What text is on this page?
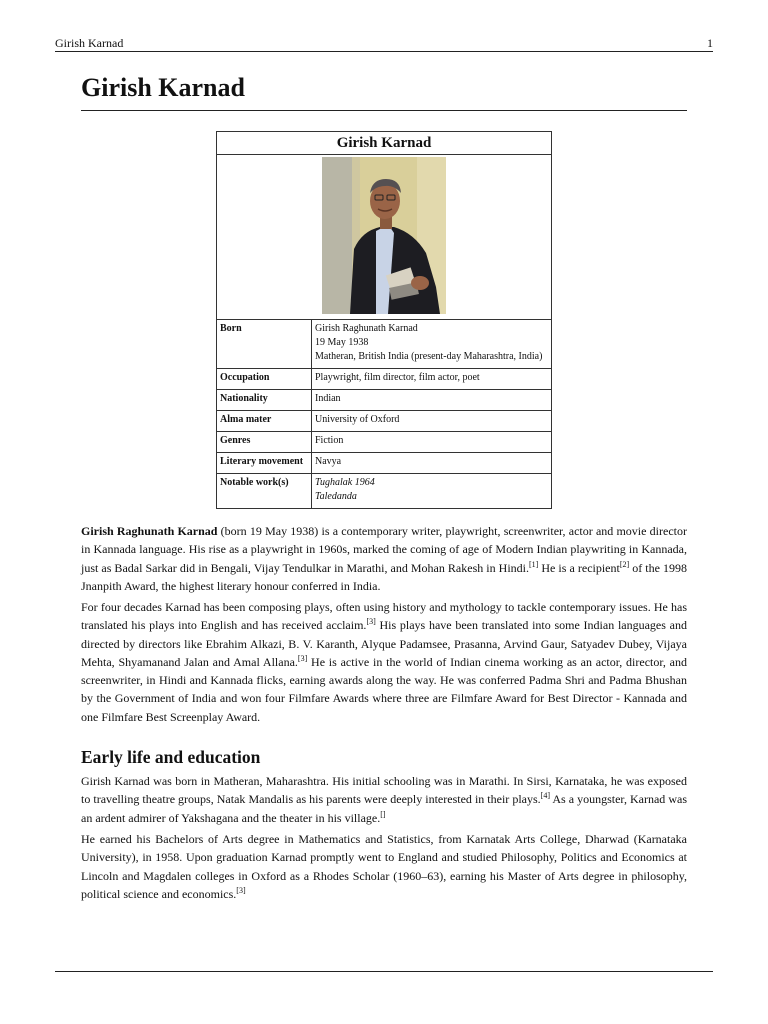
Girish Karnad	1
Girish Karnad
Girish Karnad	

Born	Girish Raghunath Karnad
19 May 1938
Matheran, British India (present-day Maharashtra, India)

Occupation	Playwright, film director, film actor, poet
Nationality	Indian
Alma mater	University of Oxford
Genres	Fiction
Literary movement	Navya
Notable work(s)	Tughalak 1964
Taledanda

Girish Raghunath Karnad (born 19 May 1938) is a contemporary writer, playwright, screenwriter, actor and movie director in Kannada language. His rise as a playwright in 1960s, marked the coming of age of Modern Indian playwriting in Kannada, just as Badal Sarkar did in Bengali, Vijay Tendulkar in Marathi, and Mohan Rakesh in Hindi.[1] He is a recipient[2] of the 1998 Jnanpith Award, the highest literary honour conferred in India.

For four decades Karnad has been composing plays, often using history and mythology to tackle contemporary issues. He has translated his plays into English and has received acclaim.[3] His plays have been translated into some Indian languages and directed by directors like Ebrahim Alkazi, B. V. Karanth, Alyque Padamsee, Prasanna, Arvind Gaur, Satyadev Dubey, Vijaya Mehta, Shyamanand Jalan and Amal Allana.[3] He is active in the world of Indian cinema working as an actor, director, and screenwriter, in Hindi and Kannada flicks, earning awards along the way. He was conferred Padma Shri and Padma Bhushan by the Government of India and won four Filmfare Awards where three are Filmfare Award for Best Director - Kannada and one Filmfare Best Screenplay Award.

Early life and education

Girish Karnad was born in Matheran, Maharashtra. His initial schooling was in Marathi. In Sirsi, Karnataka, he was exposed to travelling theatre groups, Natak Mandalis as his parents were deeply interested in their plays.[4] As a youngster, Karnad was an ardent admirer of Yakshagana and the theater in his village.[]

He earned his Bachelors of Arts degree in Mathematics and Statistics, from Karnatak Arts College, Dharwad (Karnataka University), in 1958. Upon graduation Karnad promptly went to England and studied Philosophy, Politics and Economics at Lincoln and Magdalen colleges in Oxford as a Rhodes Scholar (1960–63), earning his Master of Arts degree in philosophy, political science and economics.[3]
